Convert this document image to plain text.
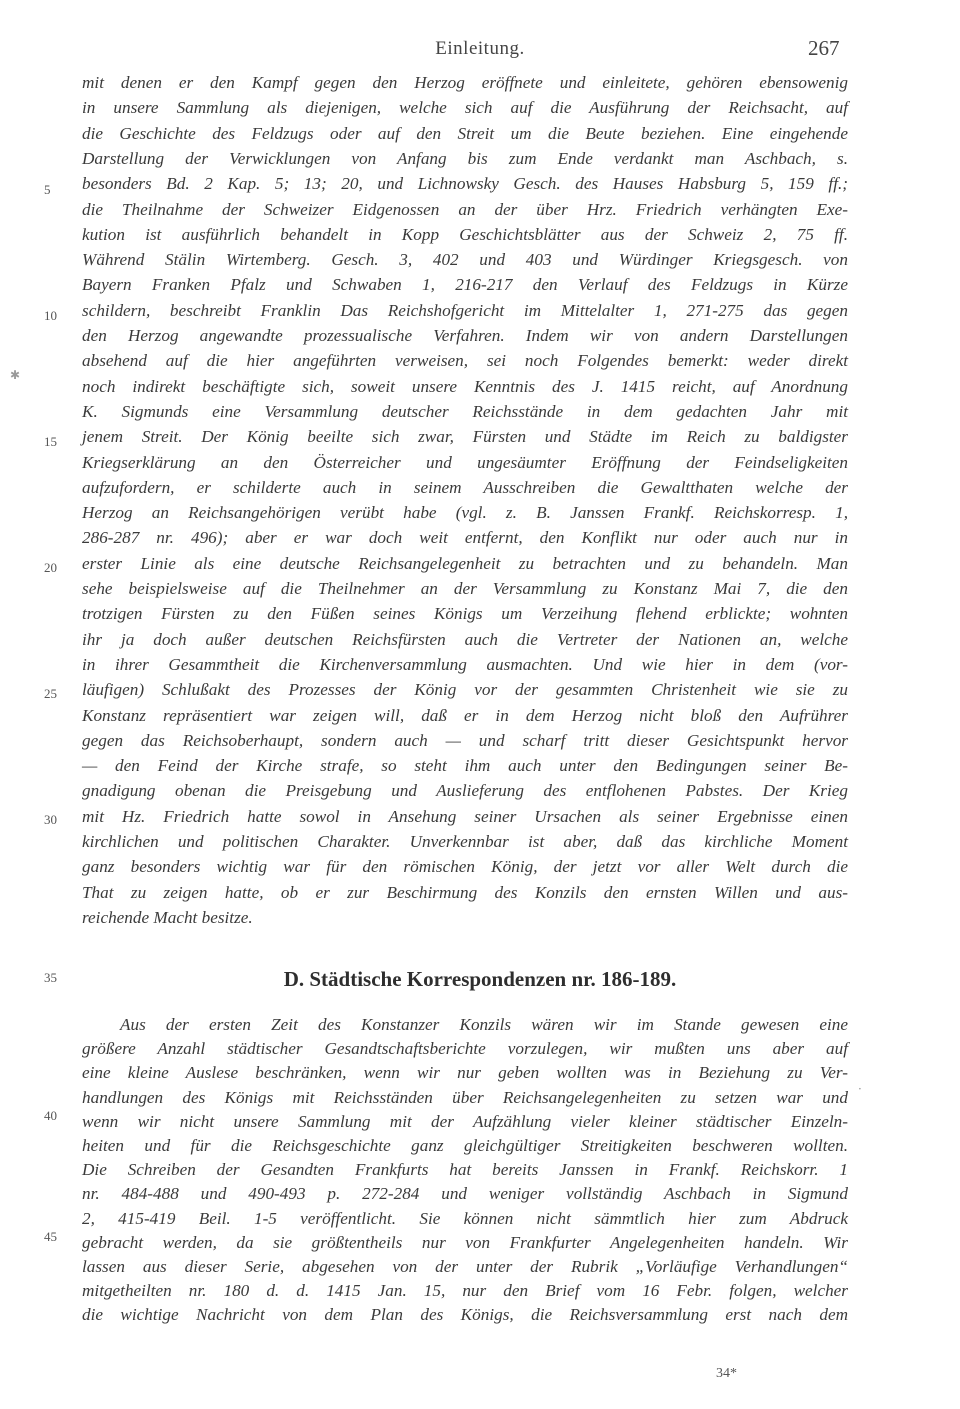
Einleitung.	267
mit denen er den Kampf gegen den Herzog eröffnete und einleitete, gehören ebensowenig
in unsere Sammlung als diejenigen, welche sich auf die Ausführung der Reichsacht, auf
die Geschichte des Feldzugs oder auf den Streit um die Beute beziehen. Eine eingehende
Darstellung der Verwicklungen von Anfang bis zum Ende verdankt man Aschbach, s.
besonders Bd. 2 Kap. 5; 13; 20, und Lichnowsky Gesch. des Hauses Habsburg 5, 159 ff.;
die Theilnahme der Schweizer Eidgenossen an der über Hrz. Friedrich verhängten Exe-
kution ist ausführlich behandelt in Kopp Geschichtsblätter aus der Schweiz 2, 75 ff.
Während Stälin Wirtemberg. Gesch. 3, 402 und 403 und Würdinger Kriegsgesch. von
Bayern Franken Pfalz und Schwaben 1, 216-217 den Verlauf des Feldzugs in Kürze
schildern, beschreibt Franklin Das Reichshofgericht im Mittelalter 1, 271-275 das gegen
den Herzog angewandte prozessualische Verfahren. Indem wir von andern Darstellungen
absehend auf die hier angeführten verweisen, sei noch Folgendes bemerkt: weder direkt
noch indirekt beschäftigte sich, soweit unsere Kenntnis des J. 1415 reicht, auf Anordnung
K. Sigmunds eine Versammlung deutscher Reichsstände in dem gedachten Jahr mit
jenem Streit. Der König beeilte sich zwar, Fürsten und Städte im Reich zu baldigster
Kriegserklärung an den Österreicher und ungesäumter Eröffnung der Feindseligkeiten
aufzufordern, er schilderte auch in seinem Ausschreiben die Gewaltthaten welche der
Herzog an Reichsangehörigen verübt habe (vgl. z. B. Janssen Frankf. Reichskorresp. 1,
286-287 nr. 496); aber er war doch weit entfernt, den Konflikt nur oder auch nur in
erster Linie als eine deutsche Reichsangelegenheit zu betrachten und zu behandeln. Man
sehe beispielsweise auf die Theilnehmer an der Versammlung zu Konstanz Mai 7, die den
trotzigen Fürsten zu den Füßen seines Königs um Verzeihung flehend erblickte; wohnten
ihr ja doch außer deutschen Reichsfürsten auch die Vertreter der Nationen an, welche
in ihrer Gesammtheit die Kirchenversammlung ausmachten. Und wie hier in dem (vor-
läufigen) Schlußakt des Prozesses der König vor der gesammten Christenheit wie sie zu
Konstanz repräsentiert war zeigen will, daß er in dem Herzog nicht bloß den Aufrührer
gegen das Reichsoberhaupt, sondern auch — und scharf tritt dieser Gesichtspunkt hervor
— den Feind der Kirche strafe, so steht ihm auch unter den Bedingungen seiner Be-
gnadigung obenan die Preisgebung und Auslieferung des entflohenen Pabstes. Der Krieg
mit Hz. Friedrich hatte sowol in Ansehung seiner Ursachen als seiner Ergebnisse einen
kirchlichen und politischen Charakter. Unverkennbar ist aber, daß das kirchliche Moment
ganz besonders wichtig war für den römischen König, der jetzt vor aller Welt durch die
That zu zeigen hatte, ob er zur Beschirmung des Konzils den ernsten Willen und aus-
reichende Macht besitze.
D. Städtische Korrespondenzen nr. 186-189.
Aus der ersten Zeit des Konstanzer Konzils wären wir im Stande gewesen eine
größere Anzahl städtischer Gesandtschaftsberichte vorzulegen, wir mußten uns aber auf
eine kleine Auslese beschränken, wenn wir nur geben wollten was in Beziehung zu Ver-
handlungen des Königs mit Reichsständen über Reichsangelegenheiten zu setzen war und
wenn wir nicht unsere Sammlung mit der Aufzählung vieler kleiner städtischer Einzeln-
heiten und für die Reichsgeschichte ganz gleichgültiger Streitigkeiten beschweren wollten.
Die Schreiben der Gesandten Frankfurts hat bereits Janssen in Frankf. Reichskorr. 1
nr. 484-488 und 490-493 p. 272-284 und weniger vollständig Aschbach in Sigmund
2, 415-419 Beil. 1-5 veröffentlicht. Sie können nicht sämmtlich hier zum Abdruck
gebracht werden, da sie größtentheils nur von Frankfurter Angelegenheiten handeln. Wir
lassen aus dieser Serie, abgesehen von der unter der Rubrik „Vorläufige Verhandlungen“
mitgetheilten nr. 180 d. d. 1415 Jan. 15, nur den Brief vom 16 Febr. folgen, welcher
die wichtige Nachricht von dem Plan des Königs, die Reichsversammlung erst nach dem
5
10
15
20
25
30
35
40
45
34*
✱
·
